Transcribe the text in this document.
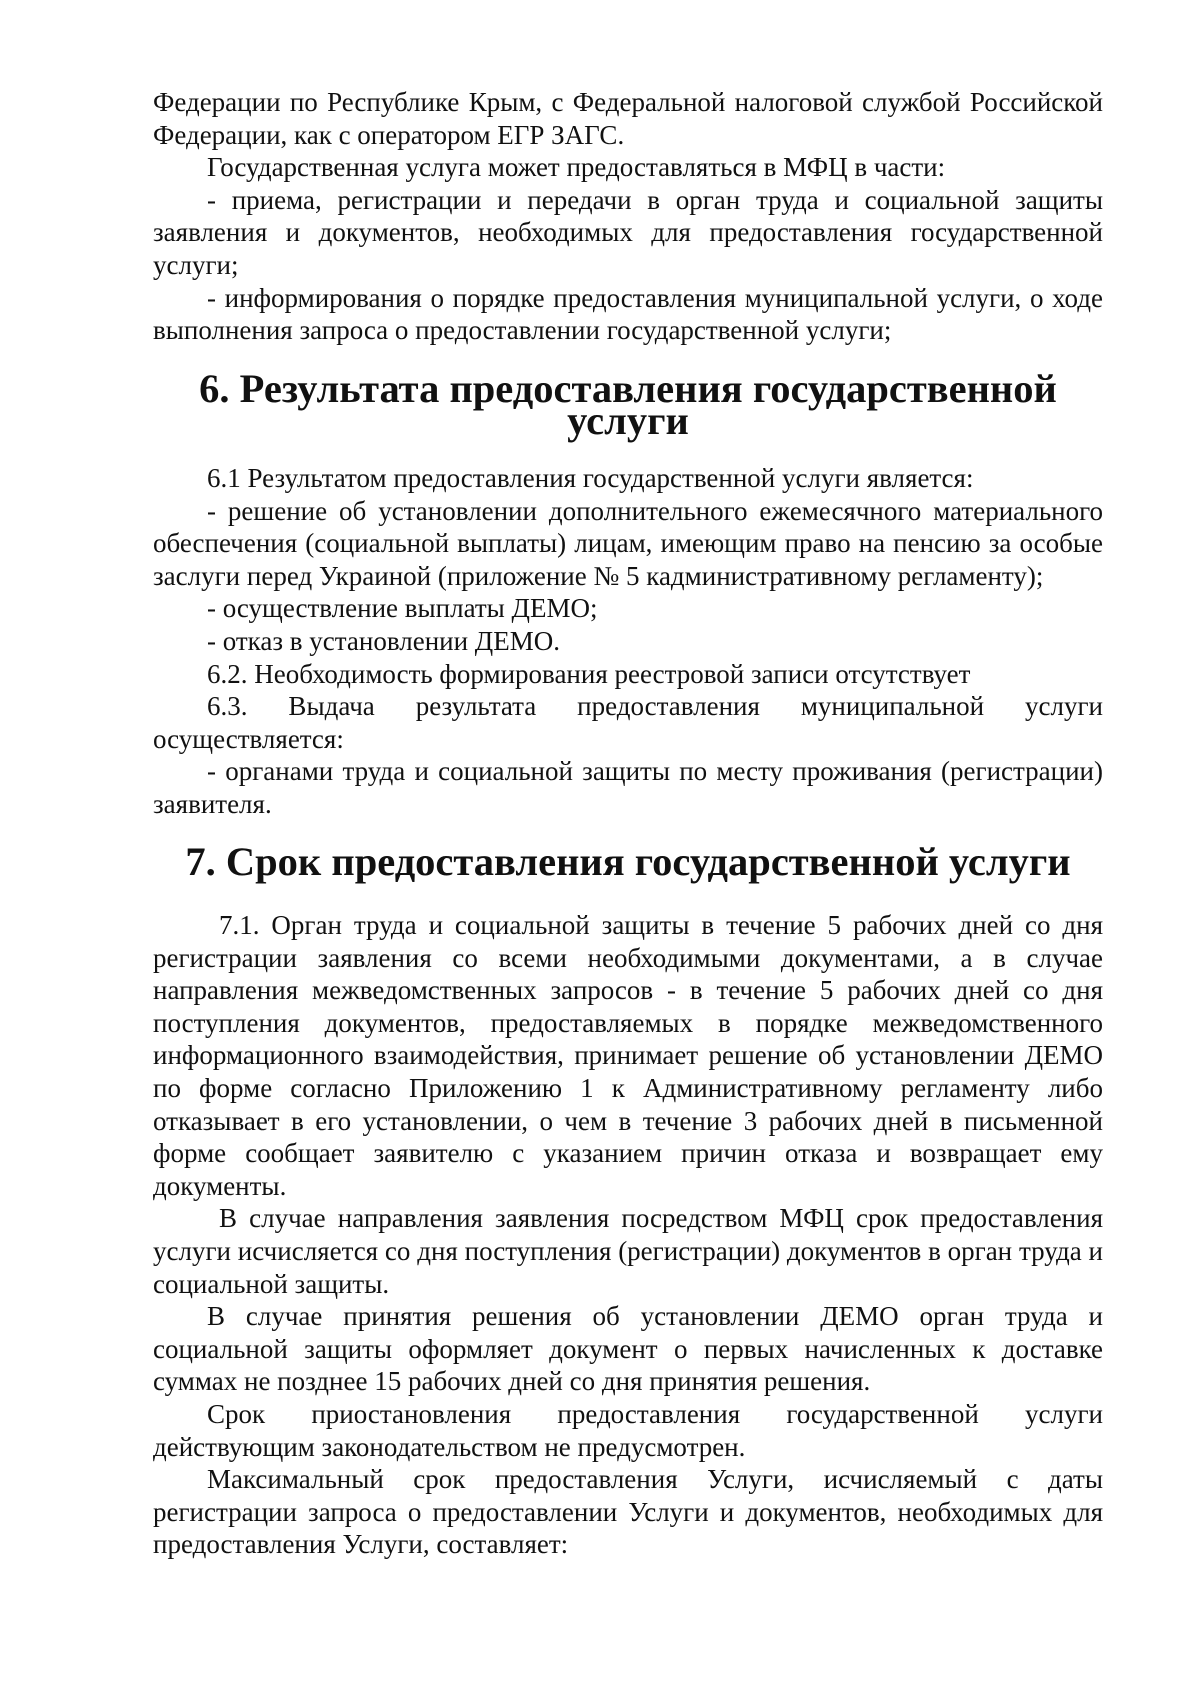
Федерации по Республике Крым, с Федеральной налоговой службой Российской Федерации, как с оператором ЕГР ЗАГС.

Государственная услуга может предоставляться в МФЦ в части:

- приема, регистрации и передачи в орган труда и социальной защиты заявления и документов, необходимых для предоставления государственной услуги;

- информирования о порядке предоставления муниципальной услуги, о ходе выполнения запроса о предоставлении государственной услуги;

6. Результата предоставления государственной услуги

6.1 Результатом предоставления государственной услуги является:

- решение об установлении дополнительного ежемесячного материального обеспечения (социальной выплаты) лицам, имеющим право на пенсию за особые заслуги перед Украиной (приложение № 5 кадминистративному регламенту);

- осуществление выплаты ДЕМО;

- отказ в установлении ДЕМО.

6.2. Необходимость формирования реестровой записи отсутствует

6.3. Выдача результата предоставления муниципальной услуги осуществляется:

- органами труда и социальной защиты по месту проживания (регистрации) заявителя.

7. Срок предоставления государственной услуги

7.1. Орган труда и социальной защиты в течение 5 рабочих дней со дня регистрации заявления со всеми необходимыми документами, а в случае направления межведомственных запросов - в течение 5 рабочих дней со дня поступления документов, предоставляемых в порядке межведомственного информационного взаимодействия, принимает решение об установлении ДЕМО по форме согласно Приложению 1 к Административному регламенту либо отказывает в его установлении, о чем в течение 3 рабочих дней в письменной форме сообщает заявителю с указанием причин отказа и возвращает ему документы.

В случае направления заявления посредством МФЦ срок предоставления услуги исчисляется со дня поступления (регистрации) документов в орган труда и социальной защиты.

В случае принятия решения об установлении ДЕМО орган труда и социальной защиты оформляет документ о первых начисленных к доставке суммах не позднее 15 рабочих дней со дня принятия решения.

Срок приостановления предоставления государственной услуги действующим законодательством не предусмотрен.

Максимальный срок предоставления Услуги, исчисляемый с даты регистрации запроса о предоставлении Услуги и документов, необходимых для предоставления Услуги, составляет:
